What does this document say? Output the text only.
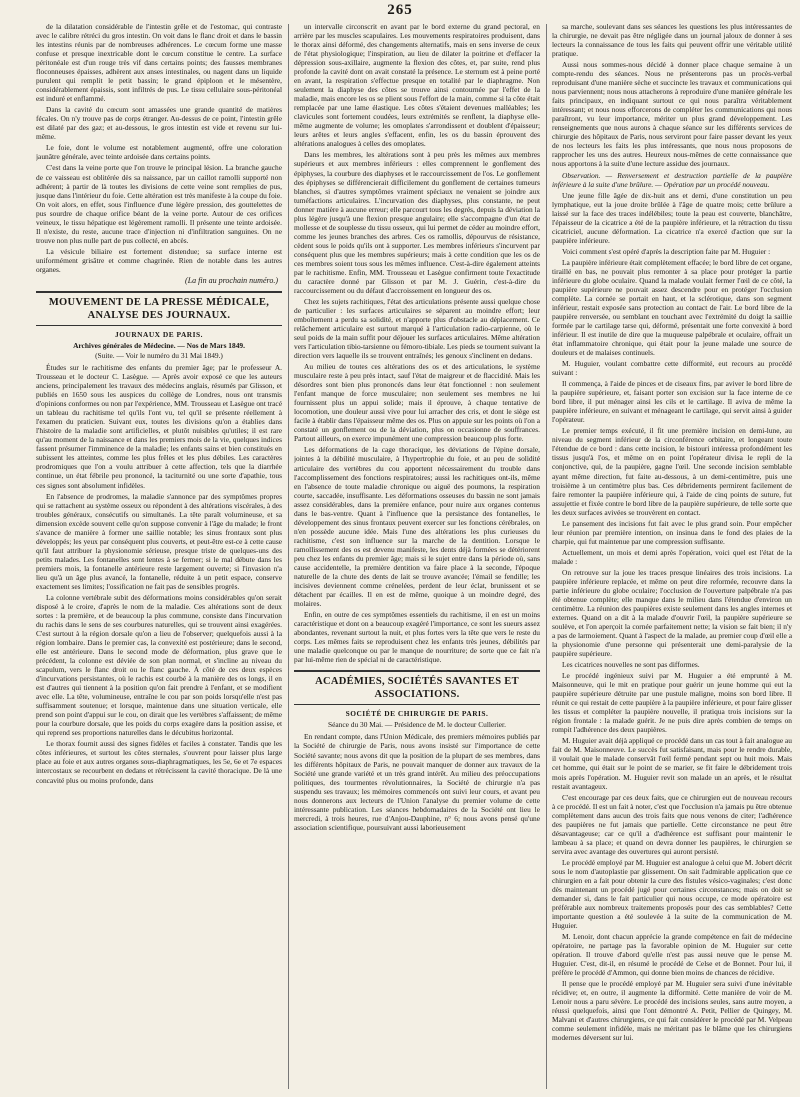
265

de la dilatation considérable de l'intestin grêle et de l'estomac, qui contraste avec le calibre rétréci du gros intestin. On voit dans le flanc droit et dans le bassin les intestins réunis par de nombreuses adhérences. Le cœcum forme une masse confuse et presque inextricable dont le cœcum constitue le centre. La surface péritonéale est d'un rouge très vif dans certains points; des fausses membranes floconneuses épaisses, adhèrent aux anses intestinales, ou nagent dans un liquide purulent qui remplit le petit bassin; le grand épiploon et le mésentère, considérablement épaissis, sont infiltrés de pus. Le tissu cellulaire sous-péritonéal est induré et enflammé.

Dans la cavité du cœcum sont amassées une grande quantité de matières fécales. On n'y trouve pas de corps étranger. Au-dessus de ce point, l'intestin grêle est dilaté par des gaz; et au-dessous, le gros intestin est vide et revenu sur lui-même.

Le foie, dont le volume est notablement augmenté, offre une coloration jaunâtre générale, avec teinte ardoisée dans certains points.

C'est dans la veine porte que l'on trouve le principal lésion. La branche gauche de ce vaisseau est oblitérée dès sa naissance, par un caillot ramolli supporté non adhérent; à partir de là toutes les divisions de cette veine sont remplies de pus, jusque dans l'intérieur du foie. Cette altération est très manifeste à la coupe du foie. On voit alors, en effet, sous l'influence d'une légère pression, des gouttelettes de pus sourdre de chaque orifice béant de la veine porte. Autour de ces orifices veineux, le tissu hépatique est légèrement ramolli. Il présente une teinte ardoisée. Il n'existe, du reste, aucune trace d'injection ni d'infiltration sanguines. On ne trouve non plus nulle part de pus collecté, en abcès.

La vésicule biliaire est fortement distendue; sa surface interne est uniformément grisâtre et comme chagrinée. Rien de notable dans les autres organes.

(La fin au prochain numéro.)
MOUVEMENT DE LA PRESSE MÉDICALE, ANALYSE DES JOURNAUX.
JOURNAUX DE PARIS.
Archives générales de Médecine. — Nos de Mars 1849.
(Suite. — Voir le numéro du 31 Mai 1849.)

Études sur le rachitisme des enfants du premier âge; par le professeur A. Trousseau et le docteur C. Lasègue. — Après avoir exposé ce que les auteurs anciens, principalement les travaux des médecins anglais, résumés par Glisson, et publiés en 1650 sous les auspices du collège de Londres, nous ont transmis d'opinions conformes ou non par l'expérience, MM. Trousseau et Lasègue ont tracé un tableau du rachitisme tel qu'ils l'ont vu, tel qu'il se présente réellement à l'examen du praticien. Suivant eux, toutes les divisions qu'on a établies dans l'histoire de la maladie sont artificielles, et plutôt nuisibles qu'utiles; il est rare qu'au moment de la naissance et dans les premiers mois de la vie, quelques indices fassent présumer l'imminence de la maladie; les enfants sains et bien constitués en subissent les atteintes, comme les plus frêles et les plus débiles. Les caractères prodromiques que l'on a voulu attribuer à cette affection, tels que la diarrhée continue, un état fébrile peu prononcé, la taciturnité ou une sorte d'apathie, tous ces signes sont absolument infidèles.

En l'absence de prodromes, la maladie s'annonce par des symptômes propres qui se rattachent au système osseux ou répondent à des altérations viscérales, à des troubles généraux, consécutifs ou simultanés. La tête paraît volumineuse, et sa dimension excède souvent celle qu'on suppose convenir à l'âge du malade; le front s'avance de manière à former une saillie notable; les sinus frontaux sont plus développés; les yeux par conséquent plus couverts, et peut-être est-ce à cette cause qu'il faut attribuer la physionomie sérieuse, presque triste de quelques-uns des petits malades. Les fontanelles sont lentes à se fermer; si le mal débute dans les premiers mois, la fontanelle antérieure reste largement ouverte; si l'invasion n'a lieu qu'à un âge plus avancé, la fontanelle, réduite à un petit espace, conserve exactement ses limites; l'ossification ne fait pas de sensibles progrès.

La colonne vertébrale subit des déformations moins considérables qu'on serait disposé à le croire, d'après le nom de la maladie. Ces altérations sont de deux sortes : la première, et de beaucoup la plus commune, consiste dans l'incurvation du rachis dans le sens de ses courbures naturelles, qui se trouvent ainsi exagérées. C'est surtout à la région dorsale qu'on a lieu de l'observer; quelquefois aussi à la région lombaire. Dans le premier cas, la convexité est postérieure; dans le second, elle est antérieure. Dans le second mode de déformation, plus grave que le précédent, la colonne est déviée de son plan normal, et s'incline au niveau du scapulum, vers le flanc droit ou le flanc gauche. À côté de ces deux espèces d'incurvations persistantes, où le rachis est courbé à la manière des os longs, il en est d'autres qui tiennent à la position qu'on fait prendre à l'enfant, et se modifient avec elle. La tête, volumineuse, entraîne le cou par son poids lorsqu'elle n'est pas suffisamment soutenue; et lorsque, maintenue dans une situation verticale, elle prend son point d'appui sur le cou, on dirait que les vertèbres s'affaissent; de même pour la courbure dorsale, que les poids du corps exagère dans la position assise, et qui reprend ses proportions naturelles dans le décubitus horizontal.

Le thorax fournit aussi des signes fidèles et faciles à constater. Tandis que les côtes inférieures, et surtout les côtes sternales, s'ouvrent pour laisser plus large place au foie et aux autres organes sous-diaphragmatiques, les 5e, 6e et 7e espaces intercostaux se recourbent en dedans et rétrécissent la cavité thoracique. De là une concavité plus ou moins profonde, dans

un intervalle circonscrit en avant par le bord externe du grand pectoral, en arrière par les muscles scapulaires. Les mouvements respiratoires produisent, dans le thorax ainsi déformé, des changements alternatifs, mais en sens inverse de ceux de l'état physiologique; l'inspiration, au lieu de dilater la poitrine et d'effacer la dépression sous-axillaire, augmente la flexion des côtes, et, par suite, rend plus profonde la cavité dont on avait constaté la présence. Le sternum est à peine porté en avant, la respiration s'effectue presque en totalité par le diaphragme. Non seulement la diaphyse des côtes se trouve ainsi contournée par l'effet de la maladie, mais encore les os se plient sous l'effort de la main, comme si la côte était remplacée par une lame élastique. Les côtes s'étaient devenues malléables; les clavicules sont fortement coudées, leurs extrémités se renflent, la diaphyse elle-même augmente de volume; les omoplates s'arrondissent et doublent d'épaisseur; leurs arêtes et leurs angles s'effacent, enfin, les os du bassin éprouvent des altérations analogues à celles des omoplates.

Dans les membres, les altérations sont à peu près les mêmes aux membres supérieurs et aux membres inférieurs : elles comprennent le gonflement des épiphyses, la courbure des diaphyses et le raccourcissement de l'os. Le gonflement des épiphyses se différencierait difficilement du gonflement de certaines tumeurs blanches, si d'autres symptômes vraiment spéciaux ne venaient se joindre aux tuméfactions articulaires. L'incurvation des diaphyses, plus constante, ne peut donner matière à aucune erreur; elle parcourt tous les degrés, depuis la déviation la plus légère jusqu'à une flexion presque angulaire; elle s'accompagne d'un état de mollesse et de souplesse du tissu osseux, qui lui permet de céder au moindre effort, comme les jeunes branches des arbres. Ces os ramollis, dépourvus de résistance, cèdent sous le poids qu'ils ont à supporter. Les membres inférieurs s'incurvent par conséquent plus que les membres supérieurs; mais à cette condition que les os de ces membres soient tous sous les mêmes influence. C'est-à-dire également atteints par le rachitisme. Enfin, MM. Trousseau et Lasègue confirment toute l'exactitude du caractère donné par Glisson et par M. J. Guérin, c'est-à-dire du raccourcissement ou du défaut d'accroissement en longueur des os.

Chez les sujets rachitiques, l'état des articulations présente aussi quelque chose de particulier : les surfaces articulaires se séparent au moindre effort; leur emboîtement a perdu sa solidité, et n'apporte plus d'obstacle au déplacement. Ce relâchement articulaire est surtout marqué à l'articulation radio-carpienne, où le seul poids de la main suffit pour déjouer les surfaces articulaires. Même altération vers l'articulation tibio-tarsienne ou fémoro-tibiale. Les pieds se tournent suivant la direction vers laquelle ils se trouvent entraînés; les genoux s'inclinent en dedans.

Au milieu de toutes ces altérations des os et des articulations, le système musculaire reste à peu près intact, sauf l'état de maigreur et de flaccidité. Mais les désordres sont bien plus prononcés dans leur état fonctionnel : non seulement l'enfant manque de force musculaire; non seulement ses membres ne lui fournissent plus un appui solide; mais il éprouve, à chaque tentative de locomotion, une douleur aussi vive pour lui arracher des cris, et dont le siège est facile à établir dans l'épaisseur même des os. Plus on appuie sur les points où l'on a constaté un gonflement ou de la déviation, plus on occasionne de souffrances. Partout ailleurs, on exerce impunément une compression beaucoup plus forte.

Les déformations de la cage thoracique, les déviations de l'épine dorsale, jointes à la débilité musculaire, à l'hypertrophie du foie, et au peu de solidité articulaire des vertèbres du cou apportent nécessairement du trouble dans l'accomplissement des fonctions respiratoires; aussi les rachitiques ont-ils, même en l'absence de toute maladie chronique ou aiguë des poumons, la respiration courte, saccadée, insuffisante. Les déformations osseuses du bassin ne sont jamais assez considérables, dans la première enfance, pour nuire aux organes contenus dans le bas-ventre. Quant à l'influence que la persistance des fontanelles, le développement des sinus frontaux peuvent exercer sur les fonctions cérébrales, on n'en possède aucune idée. Mais l'une des altérations les plus curieuses du rachitisme, c'est son influence sur la marche de la dentition. Lorsque le ramollissement des os est devenu manifeste, les dents déjà formées se détériorent peu chez les enfants du premier âge; mais si le sujet entre dans la période où, sans cause accidentelle, la première dentition va faire place à la seconde, l'époque naturelle de la chute des dents de lait se trouve avancée; l'émail se fendille; les incisives deviennent comme crénelées, perdent de leur éclat, brunissent et se détachent par écailles. Il en est de même, quoique à un moindre degré, des molaires.

Enfin, en outre de ces symptômes essentiels du rachitisme, il en est un moins caractéristique et dont on a beaucoup exagéré l'importance, ce sont les sueurs assez abondantes, revenant surtout la nuit, et plus fortes vers la tête que vers le reste du corps. Les mêmes faits se reproduisent chez les enfants très jeunes, débilités par une maladie quelconque ou par le manque de nourriture; de sorte que ce fait n'a par lui-même rien de spécial ni de caractéristique.

ACADÉMIES, SOCIÉTÉS SAVANTES ET ASSOCIATIONS.
SOCIÉTÉ DE CHIRURGIE DE PARIS.
Séance du 30 Mai. — Présidence de M. le docteur Cullerier.

En rendant compte, dans l'Union Médicale, des premiers mémoires publiés par la Société de chirurgie de Paris, nous avons insisté sur l'importance de cette Société savante; nous avons dit que la position de la plupart de ses membres, dans les différents hôpitaux de Paris, ne pouvait manquer de donner aux travaux de la Société une grande variété et un très grand intérêt. Au milieu des préoccupations politiques, des tourmentes révolutionnaires, la Société de chirurgie n'a pas suspendu ses travaux; les mémoires commencés ont suivi leur cours, et avant peu nous donnerons aux lecteurs de l'Union l'analyse du premier volume de cette intéressante publication. Les séances hebdomadaires de la Société ont lieu le mercredi, à trois heures, rue d'Anjou-Dauphine, n° 6; nous avons pensé qu'une association scientifique, poursuivant aussi laborieusement

sa marche, soulevant dans ses séances les questions les plus intéressantes de la chirurgie, ne devait pas être négligée dans un journal jaloux de donner à ses lecteurs la connaissance de tous les faits qui peuvent offrir une véritable utilité pratique.

Aussi nous sommes-nous décidé à donner place chaque semaine à un compte-rendu des séances. Nous ne présenterons pas un procès-verbal reproduisant d'une manière sèche et succincte les travaux et communications qui nous parviennent; nous nous attacherons à reproduire d'une manière générale les faits principaux, en indiquant surtout ce qui nous paraîtra véritablement intéressant; et nous nous efforcerons de compléter les communications qui nous paraîtront, vu leur importance, mériter un plus grand développement. Les renseignements que nous aurons à chaque séance sur les différents services de chirurgie des hôpitaux de Paris, nous serviront pour faire passer devant les yeux de nos lecteurs les faits les plus intéressants, que nous nous proposons de rapprocher les uns des autres. Heureux nous-mêmes de cette connaissance que nous apportons à la suite d'une lecture assidue des journaux.

Observation. — Renversement et destruction partielle de la paupière inférieure à la suite d'une brûlure. — Opération par un procédé nouveau.

Une jeune fille âgée de dix-huit ans et demi, d'une constitution un peu lymphatique, eut la joue droite brûlée à l'âge de quatre mois; cette brûlure a laissé sur la face des traces indélébiles; toute la peau est couverte, blanchâtre, l'épaisseur de la cicatrice a été de la paupière inférieure, et la rétraction du tissu cicatriciel, aucune déformation. La cicatrice n'a exercé d'action que sur la paupière inférieure.

Voici comment s'est opéré d'après la description faite par M. Huguier :

La paupière inférieure était complètement effacée; le bord libre de cet organe, tiraillé en bas, ne pouvait plus remonter à sa place pour protéger la partie inférieure du globe oculaire. Quand la malade voulait fermer l'œil de ce côté, la paupière supérieure ne pouvait assez descendre pour en protéger l'occlusion complète. La cornée se portait en haut, et la sclérotique, dans son segment inférieur, restait exposée sans protection au contact de l'air. Le bord libre de la paupière renversée, ou semblant en touchant avec l'extrémité du doigt la saillie formée par le cartilage tarse qui, déformé, présentait une forte convexité à bord inférieur. Il est inutile de dire que la muqueuse palpébrale et oculaire, offrait un état inflammatoire chronique, qui était pour la jeune malade une source de douleurs et de malaises continuels.

M. Huguier, voulant combattre cette difformité, eut recours au procédé suivant :

Il commença, à l'aide de pinces et de ciseaux fins, par aviver le bord libre de la paupière supérieure, et, faisant porter son excision sur la face interne de ce bord libre, il put ménager ainsi les cils et le cartilage. Il aviva de même la paupière inférieure, en suivant et ménageant le cartilage, qui servit ainsi à guider l'opérateur.

Le premier temps exécuté, il fit une première incision en demi-lune, au niveau du segment inférieur de la circonférence orbitaire, et longeant toute l'étendue de ce bord : dans cette incision, le bistouri intéressa profondément les tissus jusqu'à l'os, et même on en point l'opérateur divisa le repli de la conjonctive, qui, de la paupière, gagne l'œil. Une seconde incision semblable ayant même direction, fut faite au-dessous, à un demi-centimètre, puis une troisième à un centimètre plus bas. Ces débridements permirent facilement de faire remonter la paupière inférieure qui, à l'aide de cinq points de suture, fut assujettie et fixée contre le bord libre de la paupière supérieure, de telle sorte que les deux surfaces avivées se trouvèrent en contact.

Le pansement des incisions fut fait avec le plus grand soin. Pour empêcher leur réunion par première intention, on insinua dans le fond des plaies de la charpie, qui fut maintenue par une compression suffisante.

Actuellement, un mois et demi après l'opération, voici quel est l'état de la malade :

On retrouve sur la joue les traces presque linéaires des trois incisions. La paupière inférieure replacée, et même on peut dire reformée, recouvre dans la partie inférieure du globe oculaire; l'occlusion de l'ouverture palpébrale n'a pas été obtenue complète; elle manque dans le milieu dans l'étendue d'environ un centimètre. La réunion des paupières existe seulement dans les angles internes et externes. Quand on a dit à la malade d'ouvrir l'œil, la paupière supérieure se soulève, et l'on aperçoit la cornée parfaitement nette; la vision se fait bien; il n'y a pas de larmoiement. Quant à l'aspect de la malade, au premier coup d'œil elle a la physionomie d'une personne qui présenterait une demi-paralysie de la paupière supérieure.

Les cicatrices nouvelles ne sont pas difformes.

Le procédé ingénieux suivi par M. Huguier a été emprunté à M. Maisonneuve, qui le mit en pratique pour guérir un jeune homme qui eut la paupière supérieure détruite par une pustule maligne, moins son bord libre. Il réunit ce qui restait de cette paupière à la paupière inférieure, et pour faire glisser les tissus et compléter la paupière nouvelle, il pratiqua trois incisions sur la région frontale : la malade guérit. Je ne puis dire après combien de temps on rompit l'adhérence des deux paupières.

M. Huguier avait déjà appliqué ce procédé dans un cas tout à fait analogue au fait de M. Maisonneuve. Le succès fut satisfaisant, mais pour le rendre durable, il voulait que le malade conservât l'œil fermé pendant sept ou huit mois. Mais cet homme, qui était sur le point de se marier, se fit faire le débridement trois mois après l'opération. M. Huguier revit son malade un an après, et le résultat restait avantageux.

C'est encourage par ces deux faits, que ce chirurgien eut de nouveau recours à ce procédé. Il est un fait à noter, c'est que l'occlusion n'a jamais pu être obtenue complètement dans aucun des trois faits que nous venons de citer; l'adhérence des paupières ne fut jamais que partielle. Cette circonstance ne peut être désavantageuse; car ce qu'il a d'adhérence est suffisant pour maintenir le lambeau à sa place; et quand on devra donner les paupières, le chirurgien se servira avec avantage des ouvertures qui auront persisté.

Le procédé employé par M. Huguier est analogue à celui que M. Jobert décrit sous le nom d'autoplastie par glissement. On sait l'admirable application que ce chirurgien en a fait pour obtenir la cure des fistules vésico-vaginales; c'est donc dès maintenant un procédé jugé pour certaines circonstances; mais on doit se demander si, dans le fait particulier qui nous occupe, ce mode opératoire est préférable aux nombreux traitements proposés pour des cas semblables? Cette importante question a été soulevée à la suite de la communication de M. Huguier.

M. Lenoir, dont chacun apprécie la grande compétence en fait de médecine opératoire, ne partage pas la favorable opinion de M. Huguier sur cette opération. Il trouve d'abord qu'elle n'est pas aussi neuve que le pense M. Huguier. C'est, dit-il, en résumé le procédé de Celse et de Bonnet. Pour lui, il préfère le procédé d'Ammon, qui donne bien moins de chances de récidive.

Il pense que le procédé employé par M. Huguier sera suivi d'une inévitable récidive; et, en outre, il augmente la difformité. Cette manière de voir de M. Lenoir nous a paru sévère. Le procédé des incisions seules, sans autre moyen, a réussi quelquefois, ainsi que l'ont démontré A. Petit, Pellier de Quingey, M. Malvani et d'autres chirurgiens, ce qui fait considérer le procédé par M. Velpeau comme seulement infidèle, mais ne méritant pas le blâme que les chirurgiens modernes déversent sur lui.
